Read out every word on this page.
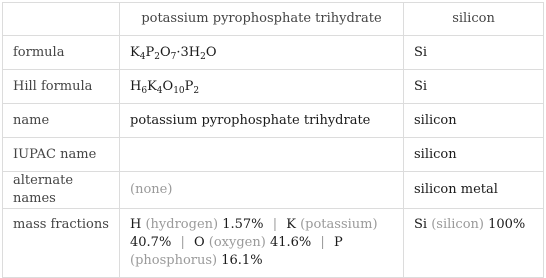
	potassium pyrophosphate trihydrate	silicon
formula	$K_4P_2O_7\cdot 3H_2O$	Si
Hill formula	$H_6K_4O_{10}P_2$	Si
name	potassium pyrophosphate trihydrate	silicon
IUPAC name		silicon
alternate names	(none)	silicon metal
mass fractions	H (hydrogen) 1.57% | K (potassium) 40.7% | O (oxygen) 41.6% | P (phosphorus) 16.1%	Si (silicon) 100%
